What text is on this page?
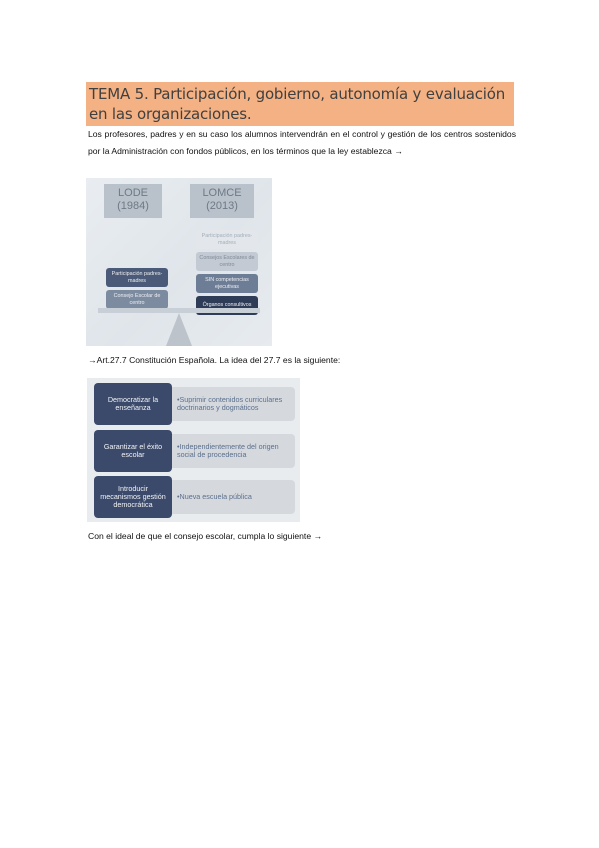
TEMA 5. Participación, gobierno, autonomía y evaluación en las organizaciones.
Los profesores, padres y en su caso los alumnos intervendrán en el control y gestión de los centros sostenidos por la Administración con fondos públicos, en los términos que la ley establezca →
LODE
(1984)
LOMCE
(2013)
Participación padres-madres
Consejo Escolar de centro
Participación padres-madres
Consejos Escolares de centro
SIN competencias ejecutivas
Órganos consultivos
→Art.27.7 Constitución Española. La idea del 27.7 es la siguiente:
•Suprimir contenidos curriculares doctrinarios y dogmáticos
Democratizar la enseñanza
•Independientemente del origen social de procedencia
Garantizar el éxito escolar
•Nueva escuela pública
Introducir mecanismos gestión democrática
Con el ideal de que el consejo escolar, cumpla lo siguiente →
